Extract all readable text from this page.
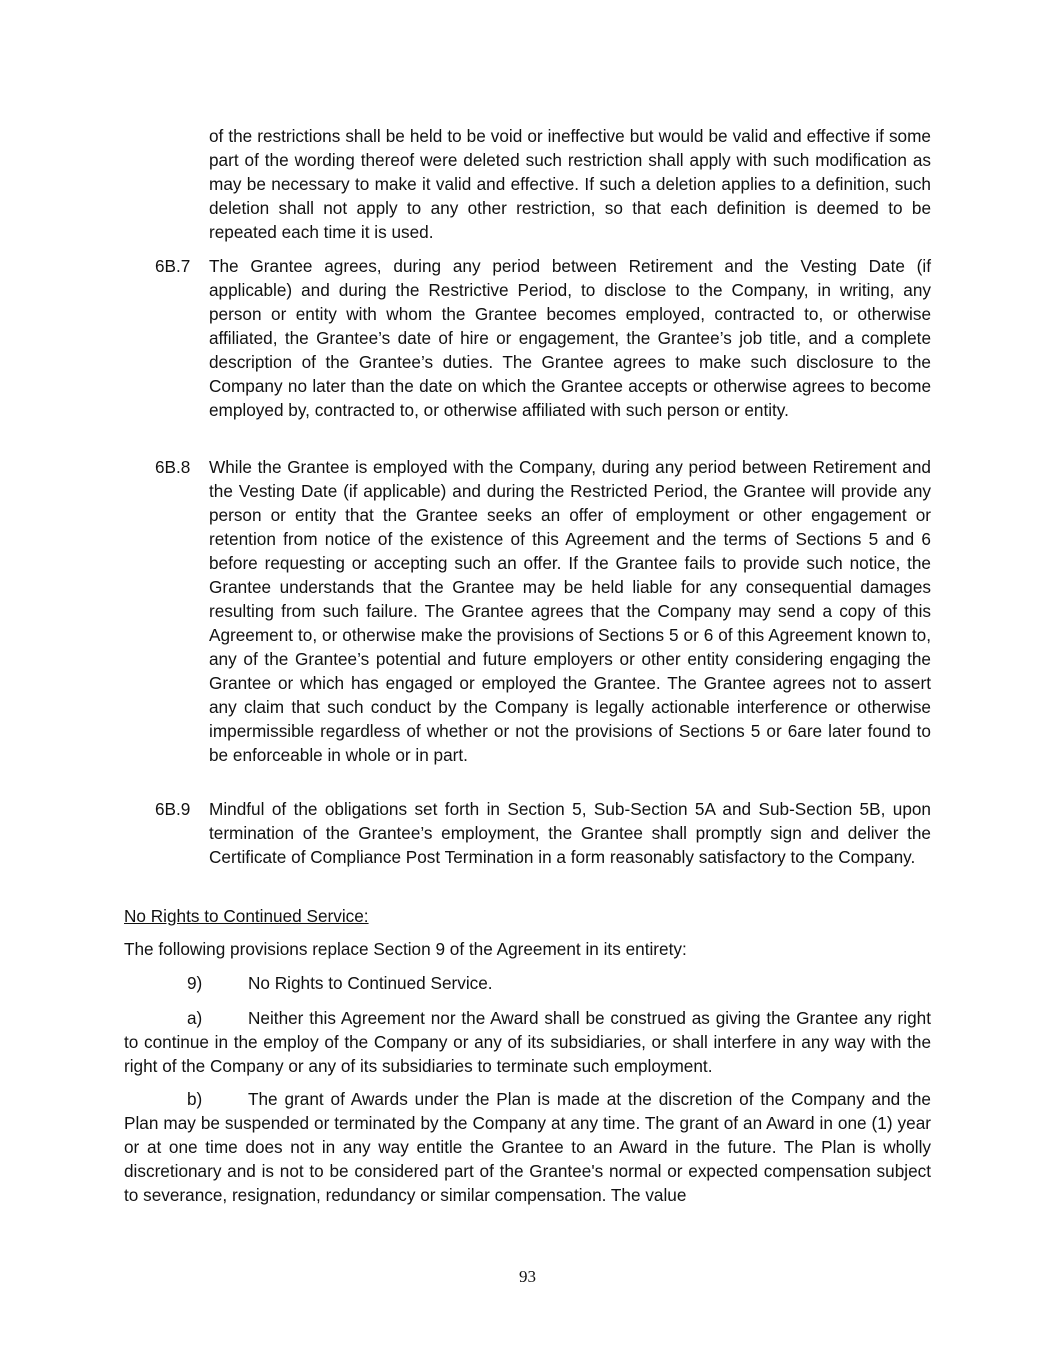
of the restrictions shall be held to be void or ineffective but would be valid and effective if some part of the wording thereof were deleted such restriction shall apply with such modification as may be necessary to make it valid and effective. If such a deletion applies to a definition, such deletion shall not apply to any other restriction, so that each definition is deemed to be repeated each time it is used.

6B.7	The Grantee agrees, during any period between Retirement and the Vesting Date (if applicable) and during the Restrictive Period, to disclose to the Company, in writing, any person or entity with whom the Grantee becomes employed, contracted to, or otherwise affiliated, the Grantee’s date of hire or engagement, the Grantee’s job title, and a complete description of the Grantee’s duties. The Grantee agrees to make such disclosure to the Company no later than the date on which the Grantee accepts or otherwise agrees to become employed by, contracted to, or otherwise affiliated with such person or entity.

6B.8	While the Grantee is employed with the Company, during any period between Retirement and the Vesting Date (if applicable) and during the Restricted Period, the Grantee will provide any person or entity that the Grantee seeks an offer of employment or other engagement or retention from notice of the existence of this Agreement and the terms of Sections 5 and 6 before requesting or accepting such an offer. If the Grantee fails to provide such notice, the Grantee understands that the Grantee may be held liable for any consequential damages resulting from such failure. The Grantee agrees that the Company may send a copy of this Agreement to, or otherwise make the provisions of Sections 5 or 6 of this Agreement known to, any of the Grantee’s potential and future employers or other entity considering engaging the Grantee or which has engaged or employed the Grantee. The Grantee agrees not to assert any claim that such conduct by the Company is legally actionable interference or otherwise impermissible regardless of whether or not the provisions of Sections 5 or 6are later found to be enforceable in whole or in part.

6B.9	Mindful of the obligations set forth in Section 5, Sub-Section 5A and Sub-Section 5B, upon termination of the Grantee’s employment, the Grantee shall promptly sign and deliver the Certificate of Compliance Post Termination in a form reasonably satisfactory to the Company.

No Rights to Continued Service:

The following provisions replace Section 9 of the Agreement in its entirety:

9)	No Rights to Continued Service.

a)	Neither this Agreement nor the Award shall be construed as giving the Grantee any right to continue in the employ of the Company or any of its subsidiaries, or shall interfere in any way with the right of the Company or any of its subsidiaries to terminate such employment.

b)	The grant of Awards under the Plan is made at the discretion of the Company and the Plan may be suspended or terminated by the Company at any time. The grant of an Award in one (1) year or at one time does not in any way entitle the Grantee to an Award in the future. The Plan is wholly discretionary and is not to be considered part of the Grantee's normal or expected compensation subject to severance, resignation, redundancy or similar compensation. The value

93
